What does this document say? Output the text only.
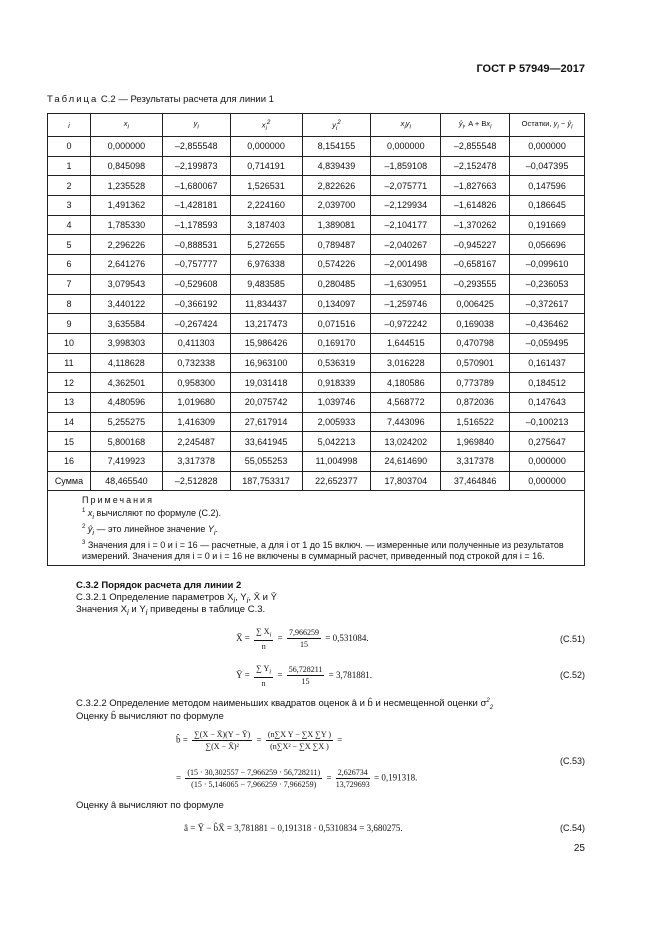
ГОСТ Р 57949—2017
Таблица С.2 — Результаты расчета для линии 1
i	$x_i$	$y_i$	$x_i^2$	$y_i^2$	$x_iy_i$	$ŷ_i$, $A + Bx_i$	Остатки, $y_i$ − $ŷ_i$
0	0,000000	–2,855548	0,000000	8,154155	0,000000	–2,855548	0,000000
1	0,845098	–2,199873	0,714191	4,839439	–1,859108	–2,152478	–0,047395
2	1,235528	–1,680067	1,526531	2,822626	–2,075771	–1,827663	0,147596
3	1,491362	–1,428181	2,224160	2,039700	–2,129934	–1,614826	0,186645
4	1,785330	–1,178593	3,187403	1,389081	–2,104177	–1,370262	0,191669
5	2,296226	–0,888531	5,272655	0,789487	–2,040267	–0,945227	0,056696
6	2,641276	–0,757777	6,976338	0,574226	–2,001498	–0,658167	–0,099610
7	3,079543	–0,529608	9,483585	0,280485	–1,630951	–0,293555	–0,236053
8	3,440122	–0,366192	11,834437	0,134097	–1,259746	0,006425	–0,372617
9	3,635584	–0,267424	13,217473	0,071516	–0,972242	0,169038	–0,436462
10	3,998303	0,411303	15,986426	0,169170	1,644515	0,470798	–0,059495
11	4,118628	0,732338	16,963100	0,536319	3,016228	0,570901	0,161437
12	4,362501	0,958300	19,031418	0,918339	4,180586	0,773789	0,184512
13	4,480596	1,019680	20,075742	1,039746	4,568772	0,872036	0,147643
14	5,255275	1,416309	27,617914	2,005933	7,443096	1,516522	–0,100213
15	5,800168	2,245487	33,641945	5,042213	13,024202	1,969840	0,275647
16	7,419923	3,317378	55,055253	11,004998	24,614690	3,317378	0,000000
Сумма	48,465540	–2,512828	187,753317	22,652377	17,803704	37,464846	0,000000
Примечания
$^1$ $x_i$ вычисляют по формуле (С.2).
$^2$ $ŷ_i$ — это линейное значение $Y_i$.
$^3$ Значения для i = 0 и i = 16 — расчетные, а для i от 1 до 15 включ. — измеренные или полученные из результатов измерений. Значения для i = 0 и i = 16 не включены в суммарный расчет, приведенный под строкой для i = 16.
С.3.2 Порядок расчета для линии 2
С.3.2.1 Определение параметров $X_i$, $Y_i$, X̄ и Ȳ
Значения $X_i$ и $Y_i$ приведены в таблице С.3.
X̄ = $\frac{\sum X_i}{n} = \frac{7,966259}{15} = 0,531084$.	(С.51)
Ȳ = $\frac{\sum Y_i}{n} = \frac{56,728211}{15} = 3,781881$.	(С.52)
С.3.2.2 Определение методом наименьших квадратов оценок â и b̂ и несмещенной оценки $\sigma^2_2$
Оценку b̂ вычисляют по формуле
b̂ = $\frac{\sum(X - X̄)(Y - Ȳ)}{\text{∑(X − X̄)²}} = \frac{\text{(n∑X Y − ∑X ∑Y )}}{\text{(n∑X² − ∑X ∑X )}}$ =
= $\frac{(15 \cdot 30,302557 - 7,966259 \cdot 56,728211)}{(15 \cdot 5,146065 - 7,966259 \cdot 7,966259)} = \frac{2,626734}{13,729693} = 0,191318$.
(С.53)
Оценку â вычисляют по формуле
â = Ȳ − b̂X̄ = 3,781881 − 0,191318 · 0,5310834 = 3,680275.	(С.54)
25
